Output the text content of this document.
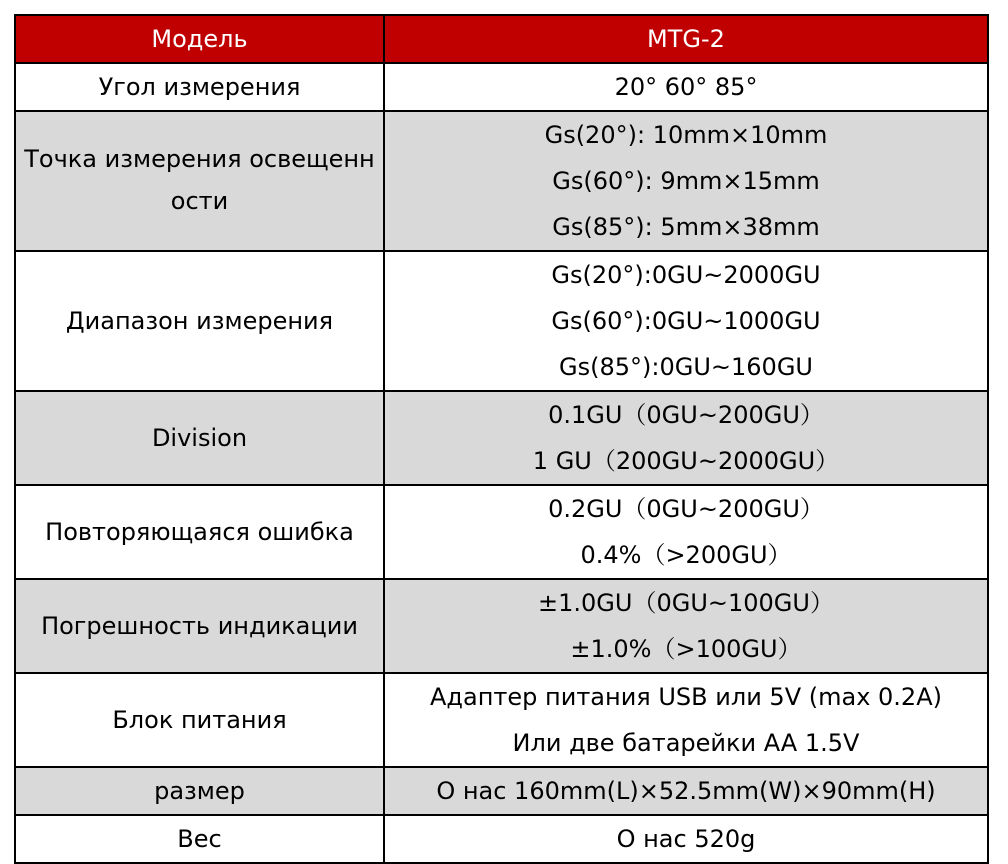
Модель	MTG-2
Угол измерения	20° 60° 85°

Точка измерения освещенности	Gs(20°): 10mm×10mm
Gs(60°): 9mm×15mm
Gs(85°): 5mm×38mm

Диапазон измерения	Gs(20°):0GU~2000GU
Gs(60°):0GU~1000GU
Gs(85°):0GU~160GU

Division	0.1GU（0GU~200GU）
1 GU（200GU~2000GU）

Повторяющаяся ошибка	0.2GU（0GU~200GU）
0.4%（>200GU）

Погрешность индикации	±1.0GU（0GU~100GU）
±1.0%（>100GU）

Блок питания	Адаптер питания USB или 5V (max 0.2A)
Или две батарейки AA 1.5V

размер	О нас 160mm(L)×52.5mm(W)×90mm(H)

Вес	О нас 520g
